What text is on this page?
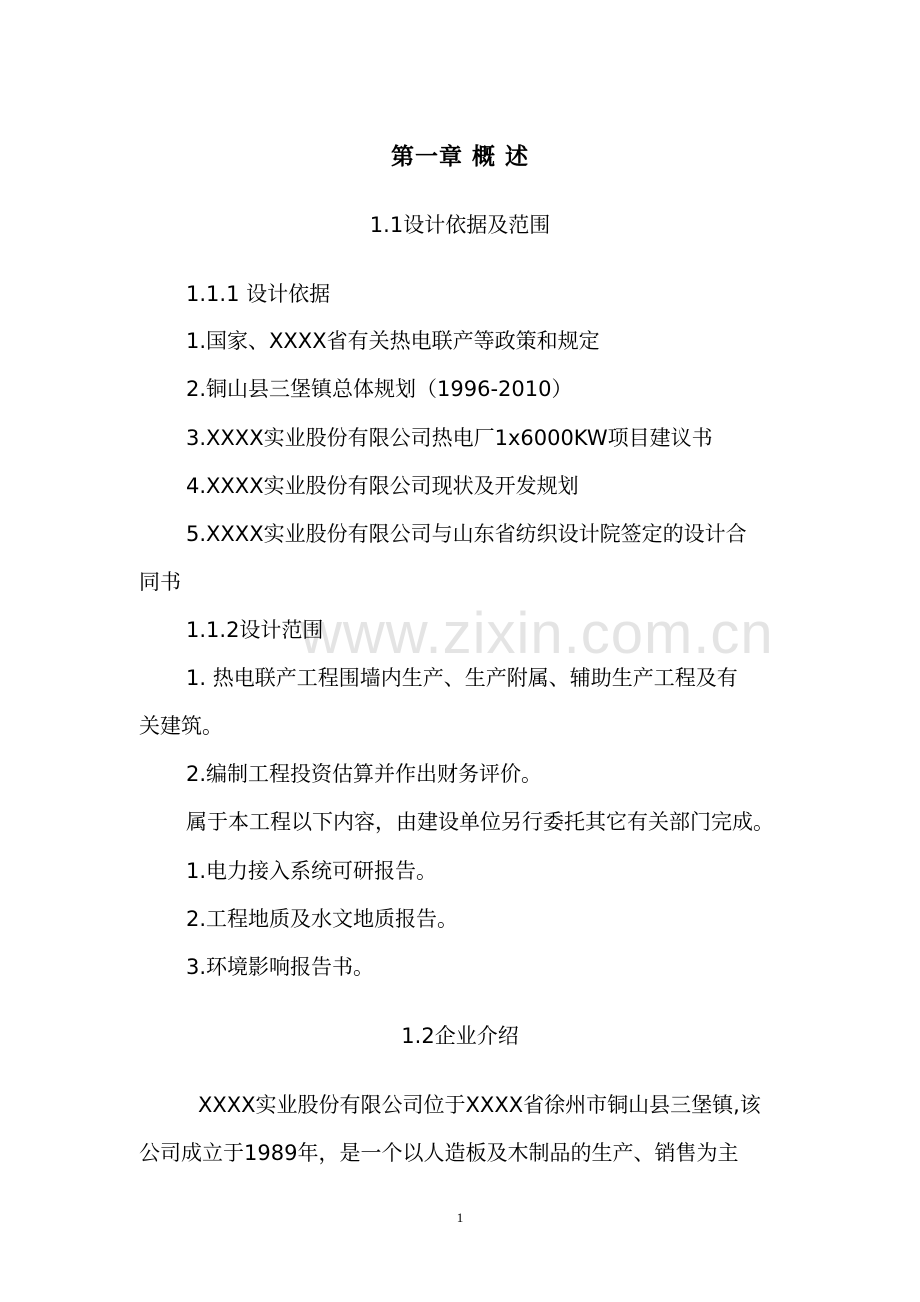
www.zixin.com.cn
第一章 概 述
1.1设计依据及范围
1.1.1 设计依据
1.国家、XXXX省有关热电联产等政策和规定
2.铜山县三堡镇总体规划（1996-2010）
3.XXXX实业股份有限公司热电厂1x6000KW项目建议书
4.XXXX实业股份有限公司现状及开发规划
5.XXXX实业股份有限公司与山东省纺织设计院签定的设计合
同书
1.1.2设计范围
1. 热电联产工程围墙内生产、生产附属、辅助生产工程及有
关建筑。
2.编制工程投资估算并作出财务评价。
属于本工程以下内容，由建设单位另行委托其它有关部门完成。
1.电力接入系统可研报告。
2.工程地质及水文地质报告。
3.环境影响报告书。
1.2企业介绍
XXXX实业股份有限公司位于XXXX省徐州市铜山县三堡镇,该
公司成立于1989年，是一个以人造板及木制品的生产、销售为主
1
